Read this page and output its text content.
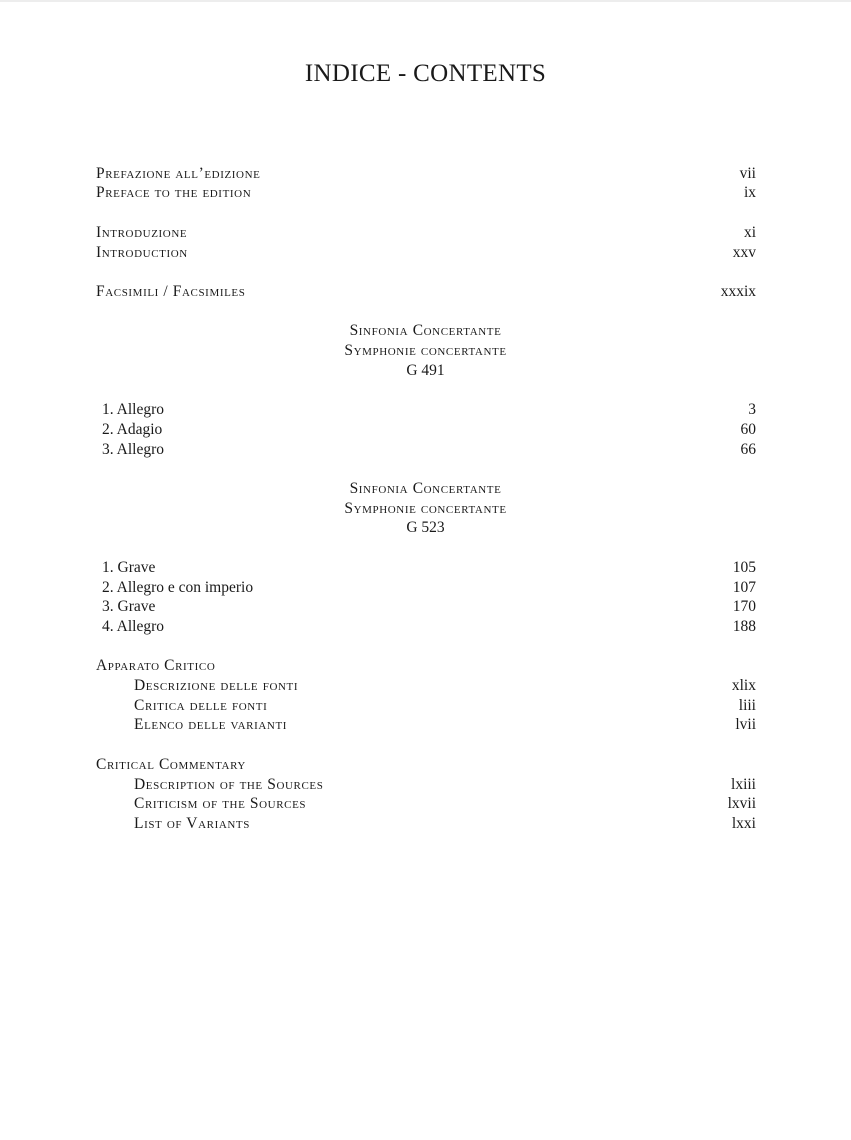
INDICE - CONTENTS
Prefazione all’edizione	vii
Preface to the edition	ix
Introduzione	xi
Introduction	xxv
Facsimili / Facsimiles	xxxix
Sinfonia Concertante
Symphonie concertante
G 491
1. Allegro	3
2. Adagio	60
3. Allegro	66
Sinfonia Concertante
Symphonie concertante
G 523
1. Grave	105
2. Allegro e con imperio	107
3. Grave	170
4. Allegro	188
Apparato Critico
Descrizione delle fonti	xlix
Critica delle fonti	liii
Elenco delle varianti	lvii
Critical Commentary
Description of the Sources	lxiii
Criticism of the Sources	lxvii
List of Variants	lxxi
